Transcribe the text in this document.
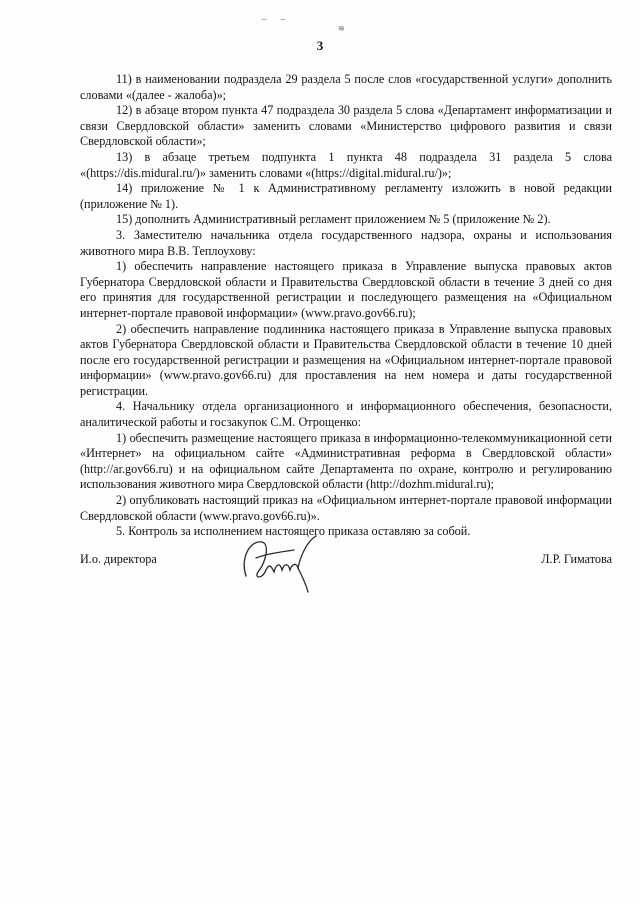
– –
≋
3

11) в наименовании подраздела 29 раздела 5 после слов «государственной услуги» дополнить словами «(далее - жалоба)»;

12) в абзаце втором пункта 47 подраздела 30 раздела 5 слова «Департамент информатизации и связи Свердловской области» заменить словами «Министерство цифрового развития и связи Свердловской области»;

13) в абзаце третьем подпункта 1 пункта 48 подраздела 31 раздела 5 слова «(https://dis.midural.ru/)» заменить словами «(https://digital.midural.ru/)»;

14) приложение № 1 к Административному регламенту изложить в новой редакции (приложение № 1).

15) дополнить Административный регламент приложением № 5 (приложение № 2).

3. Заместителю начальника отдела государственного надзора, охраны и использования животного мира В.В. Теплоухову:

1) обеспечить направление настоящего приказа в Управление выпуска правовых актов Губернатора Свердловской области и Правительства Свердловской области в течение 3 дней со дня его принятия для государственной регистрации и последующего размещения на «Официальном интернет-портале правовой информации» (www.pravo.gov66.ru);

2) обеспечить направление подлинника настоящего приказа в Управление выпуска правовых актов Губернатора Свердловской области и Правительства Свердловской области в течение 10 дней после его государственной регистрации и размещения на «Официальном интернет-портале правовой информации» (www.pravo.gov66.ru) для проставления на нем номера и даты государственной регистрации.

4. Начальнику отдела организационного и информационного обеспечения, безопасности, аналитической работы и госзакупок С.М. Отрощенко:

1) обеспечить размещение настоящего приказа в информационно-телекоммуникационной сети «Интернет» на официальном сайте «Административная реформа в Свердловской области» (http://ar.gov66.ru) и на официальном сайте Департамента по охране, контролю и регулированию использования животного мира Свердловской области (http://dozhm.midural.ru);

2) опубликовать настоящий приказ на «Официальном интернет-портале правовой информации Свердловской области (www.pravo.gov66.ru)».

5. Контроль за исполнением настоящего приказа оставляю за собой.

И.о. директора	Л.Р. Гиматова
